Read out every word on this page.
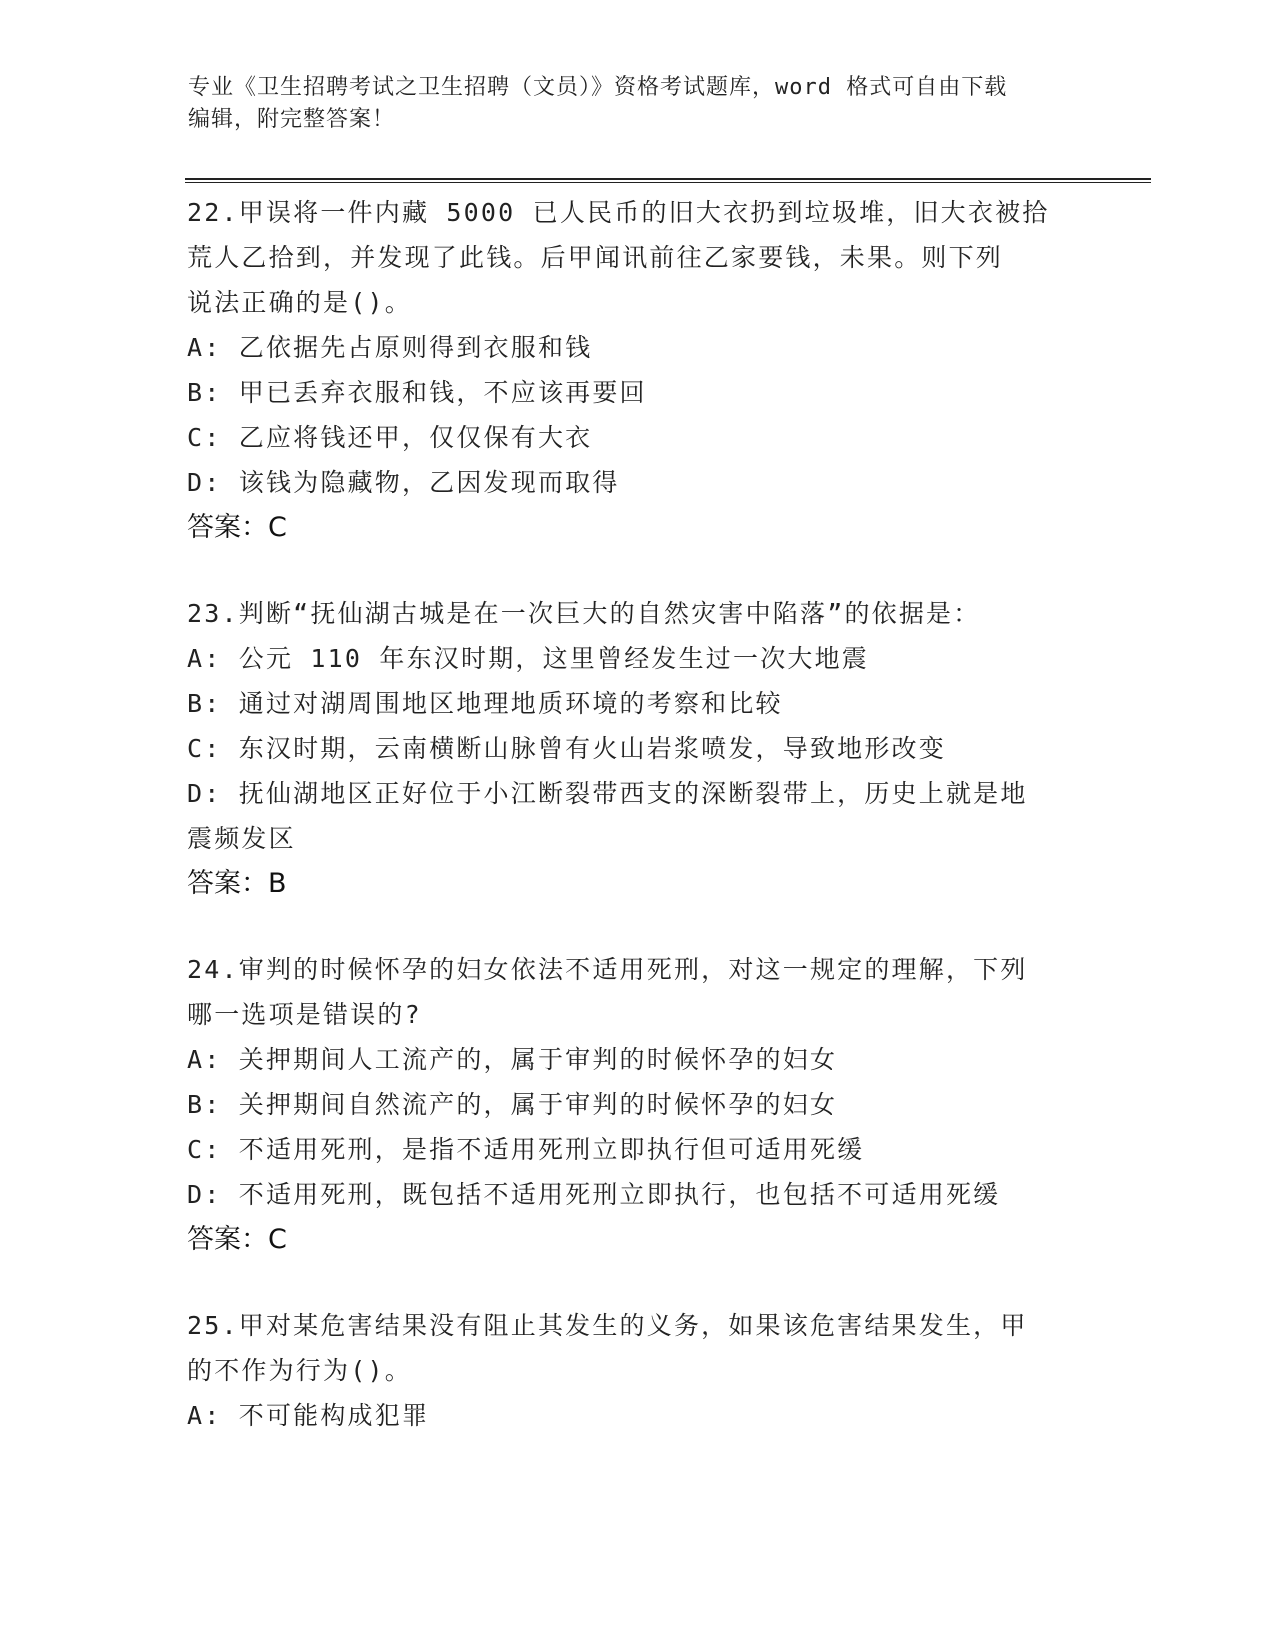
专业《卫生招聘考试之卫生招聘（文员）》资格考试题库，word 格式可自由下载
编辑，附完整答案！

22.甲误将一件内藏 5000 已人民币的旧大衣扔到垃圾堆，旧大衣被拾

荒人乙拾到，并发现了此钱。后甲闻讯前往乙家要钱，未果。则下列

说法正确的是()。

A: 乙依据先占原则得到衣服和钱

B: 甲已丢弃衣服和钱，不应该再要回

C: 乙应将钱还甲，仅仅保有大衣

D: 该钱为隐藏物，乙因发现而取得

答案：C

23.判断“抚仙湖古城是在一次巨大的自然灾害中陷落”的依据是：

A: 公元 110 年东汉时期，这里曾经发生过一次大地震

B: 通过对湖周围地区地理地质环境的考察和比较

C: 东汉时期，云南横断山脉曾有火山岩浆喷发，导致地形改变

D: 抚仙湖地区正好位于小江断裂带西支的深断裂带上，历史上就是地

震频发区

答案：B

24.审判的时候怀孕的妇女依法不适用死刑，对这一规定的理解，下列

哪一选项是错误的?

A: 关押期间人工流产的，属于审判的时候怀孕的妇女

B: 关押期间自然流产的，属于审判的时候怀孕的妇女

C: 不适用死刑，是指不适用死刑立即执行但可适用死缓

D: 不适用死刑，既包括不适用死刑立即执行，也包括不可适用死缓

答案：C

25.甲对某危害结果没有阻止其发生的义务，如果该危害结果发生，甲

的不作为行为()。

A: 不可能构成犯罪
